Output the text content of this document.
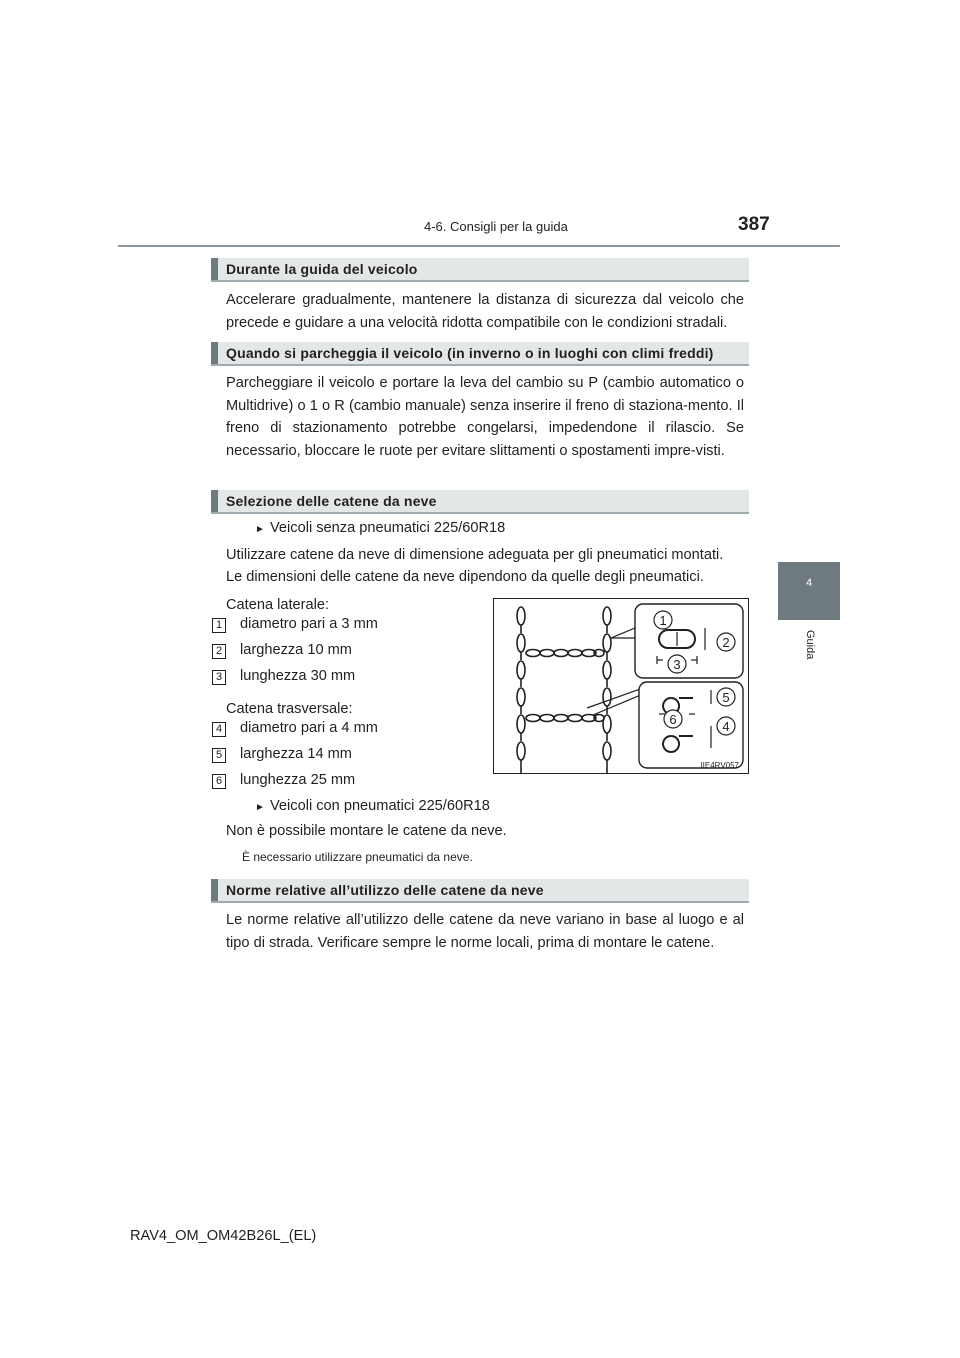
4-6. Consigli per la guida	387
4
Guida
Durante la guida del veicolo
Accelerare gradualmente, mantenere la distanza di sicurezza dal veicolo che precede e guidare a una velocità ridotta compatibile con le condizioni stradali.
Quando si parcheggia il veicolo (in inverno o in luoghi con climi freddi)
Parcheggiare il veicolo e portare la leva del cambio su P (cambio automatico o Multidrive) o 1 o R (cambio manuale) senza inserire il freno di staziona-mento. Il freno di stazionamento potrebbe congelarsi, impedendone il rilascio. Se necessario, bloccare le ruote per evitare slittamenti o spostamenti impre-visti.
Selezione delle catene da neve
► Veicoli senza pneumatici 225/60R18
Utilizzare catene da neve di dimensione adeguata per gli pneumatici montati.
Le dimensioni delle catene da neve dipendono da quelle degli pneumatici.
Catena laterale:
1 diametro pari a 3 mm
2 larghezza 10 mm
3 lunghezza 30 mm
Catena trasversale:
4 diametro pari a 4 mm
5 larghezza 14 mm
6 lunghezza 25 mm
► Veicoli con pneumatici 225/60R18
Non è possibile montare le catene da neve.
È necessario utilizzare pneumatici da neve.
1
2
3
5
6	4
IIE4RV057
Norme relative all’utilizzo delle catene da neve
Le norme relative all’utilizzo delle catene da neve variano in base al luogo e al tipo di strada. Verificare sempre le norme locali, prima di montare le catene.
RAV4_OM_OM42B26L_(EL)
